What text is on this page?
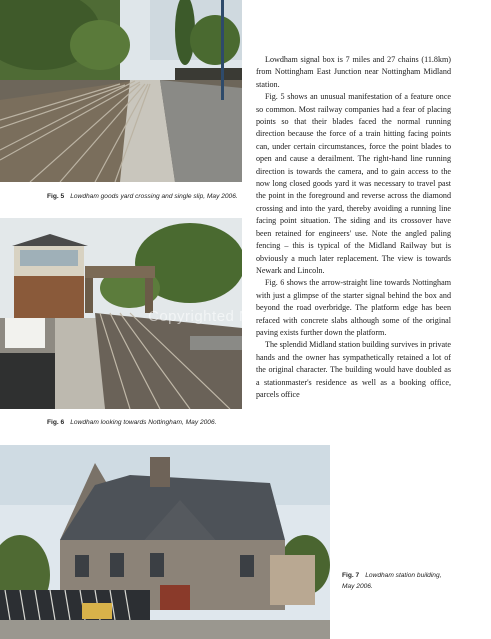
Fig. 5 Lowdham goods yard crossing and single slip, May 2006.
Fig. 6 Lowdham looking towards Nottingham, May 2006.
Copyrighted Material
Fig. 7 Lowdham station building, May 2006.

Lowdham signal box is 7 miles and 27 chains (11.8km) from Nottingham East Junction near Nottingham Midland station.

Fig. 5 shows an unusual manifestation of a feature once so common. Most railway companies had a fear of placing points so that their blades faced the normal running direction because the force of a train hitting facing points can, under certain circumstances, force the point blades to open and cause a derailment. The right-hand line running direction is towards the camera, and to gain access to the now long closed goods yard it was necessary to travel past the point in the foreground and reverse across the diamond crossing and into the yard, thereby avoiding a running line facing point situation. The siding and its crossover have been retained for engineers' use. Note the angled paling fencing – this is typical of the Midland Railway but is obviously a much later replacement. The view is towards Newark and Lincoln.

Fig. 6 shows the arrow-straight line towards Nottingham with just a glimpse of the starter signal behind the box and beyond the road overbridge. The platform edge has been refaced with concrete slabs although some of the original paving exists further down the platform.

The splendid Midland station building survives in private hands and the owner has sympathetically retained a lot of the original character. The building would have doubled as a stationmaster's residence as well as a booking office, parcels office
